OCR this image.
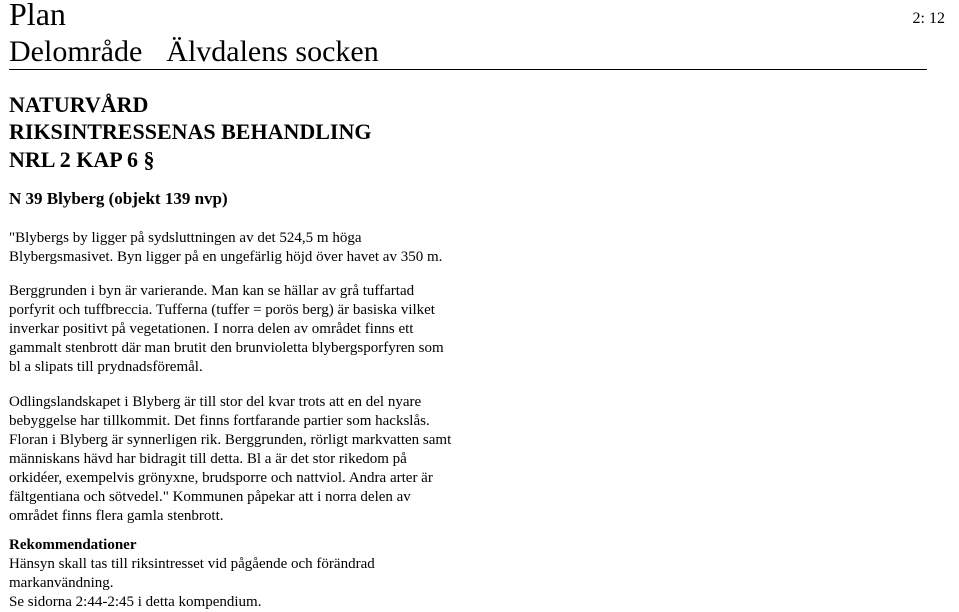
Plan	2: 12
Delområde Älvdalens socken
NATURVÅRD
RIKSINTRESSENAS BEHANDLING
NRL 2 KAP 6 §
N 39 Blyberg (objekt 139 nvp)
"Blybergs by ligger på sydsluttningen av det 524,5 m höga
Blybergsmasivet. Byn ligger på en ungefärlig höjd över havet av 350 m.
Berggrunden i byn är varierande. Man kan se hällar av grå tuffartad
porfyrit och tuffbreccia. Tufferna (tuffer = porös berg) är basiska vilket
inverkar positivt på vegetationen. I norra delen av området finns ett
gammalt stenbrott där man brutit den brunvioletta blybergsporfyren som
bl a slipats till prydnadsföremål.
Odlingslandskapet i Blyberg är till stor del kvar trots att en del nyare
bebyggelse har tillkommit. Det finns fortfarande partier som hackslås.
Floran i Blyberg är synnerligen rik. Berggrunden, rörligt markvatten samt
människans hävd har bidragit till detta. Bl a är det stor rikedom på
orkidéer, exempelvis grönyxne, brudsporre och nattviol. Andra arter är
fältgentiana och sötvedel." Kommunen påpekar att i norra delen av
området finns flera gamla stenbrott.
Rekommendationer
Hänsyn skall tas till riksintresset vid pågående och förändrad
markanvändning.
Se sidorna 2:44-2:45 i detta kompendium.
